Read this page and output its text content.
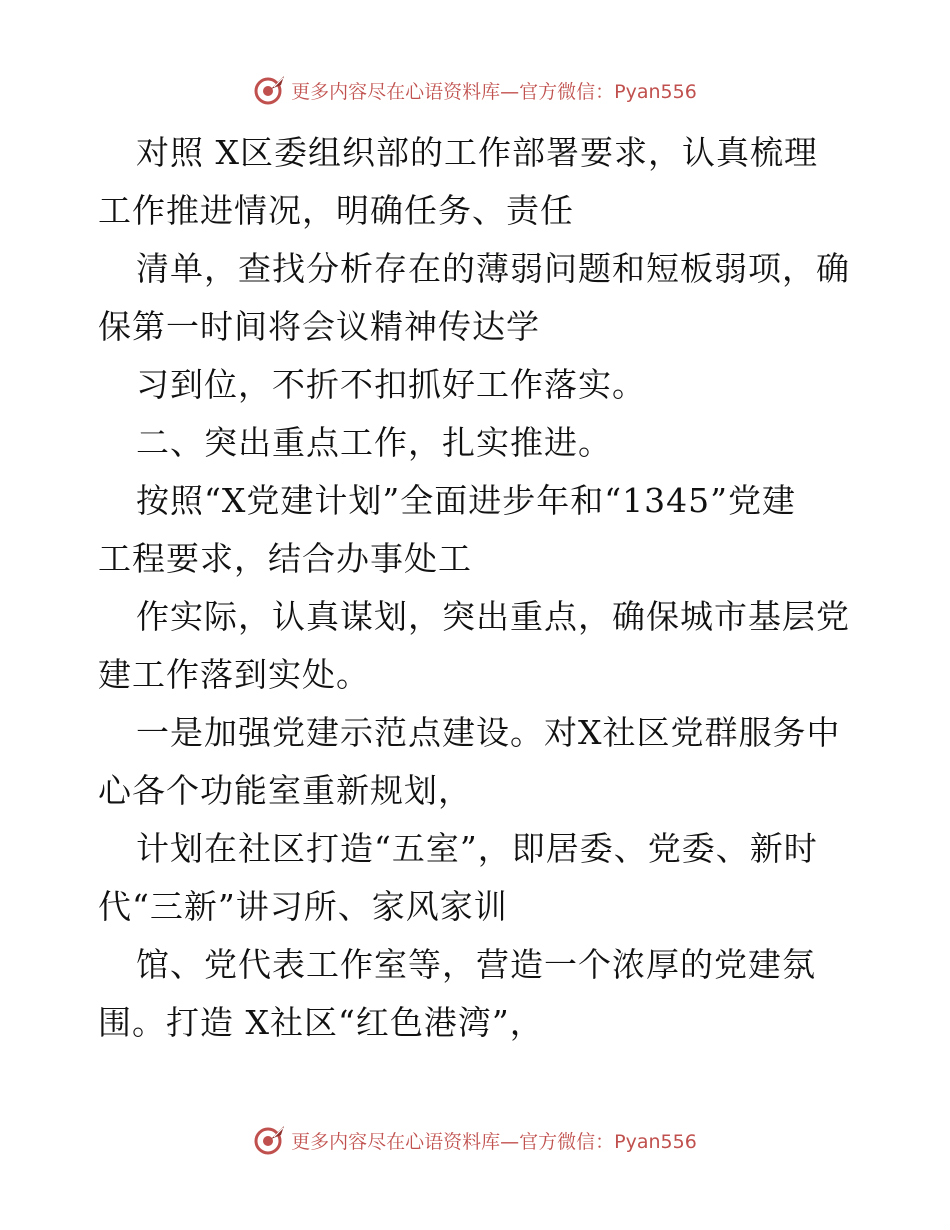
更多内容尽在心语资料库—官方微信：Pyan556
对照 X区委组织部的工作部署要求，认真梳理
工作推进情况，明确任务、责任
清单，查找分析存在的薄弱问题和短板弱项，确
保第一时间将会议精神传达学
习到位，不折不扣抓好工作落实。
二、突出重点工作，扎实推进。
按照“X党建计划”全面进步年和“1345”党建
工程要求，结合办事处工
作实际，认真谋划，突出重点，确保城市基层党
建工作落到实处。
一是加强党建示范点建设。对X社区党群服务中
心各个功能室重新规划，
计划在社区打造“五室”，即居委、党委、新时
代“三新”讲习所、家风家训
馆、党代表工作室等，营造一个浓厚的党建氛
围。打造 X社区“红色港湾”，
更多内容尽在心语资料库—官方微信：Pyan556
